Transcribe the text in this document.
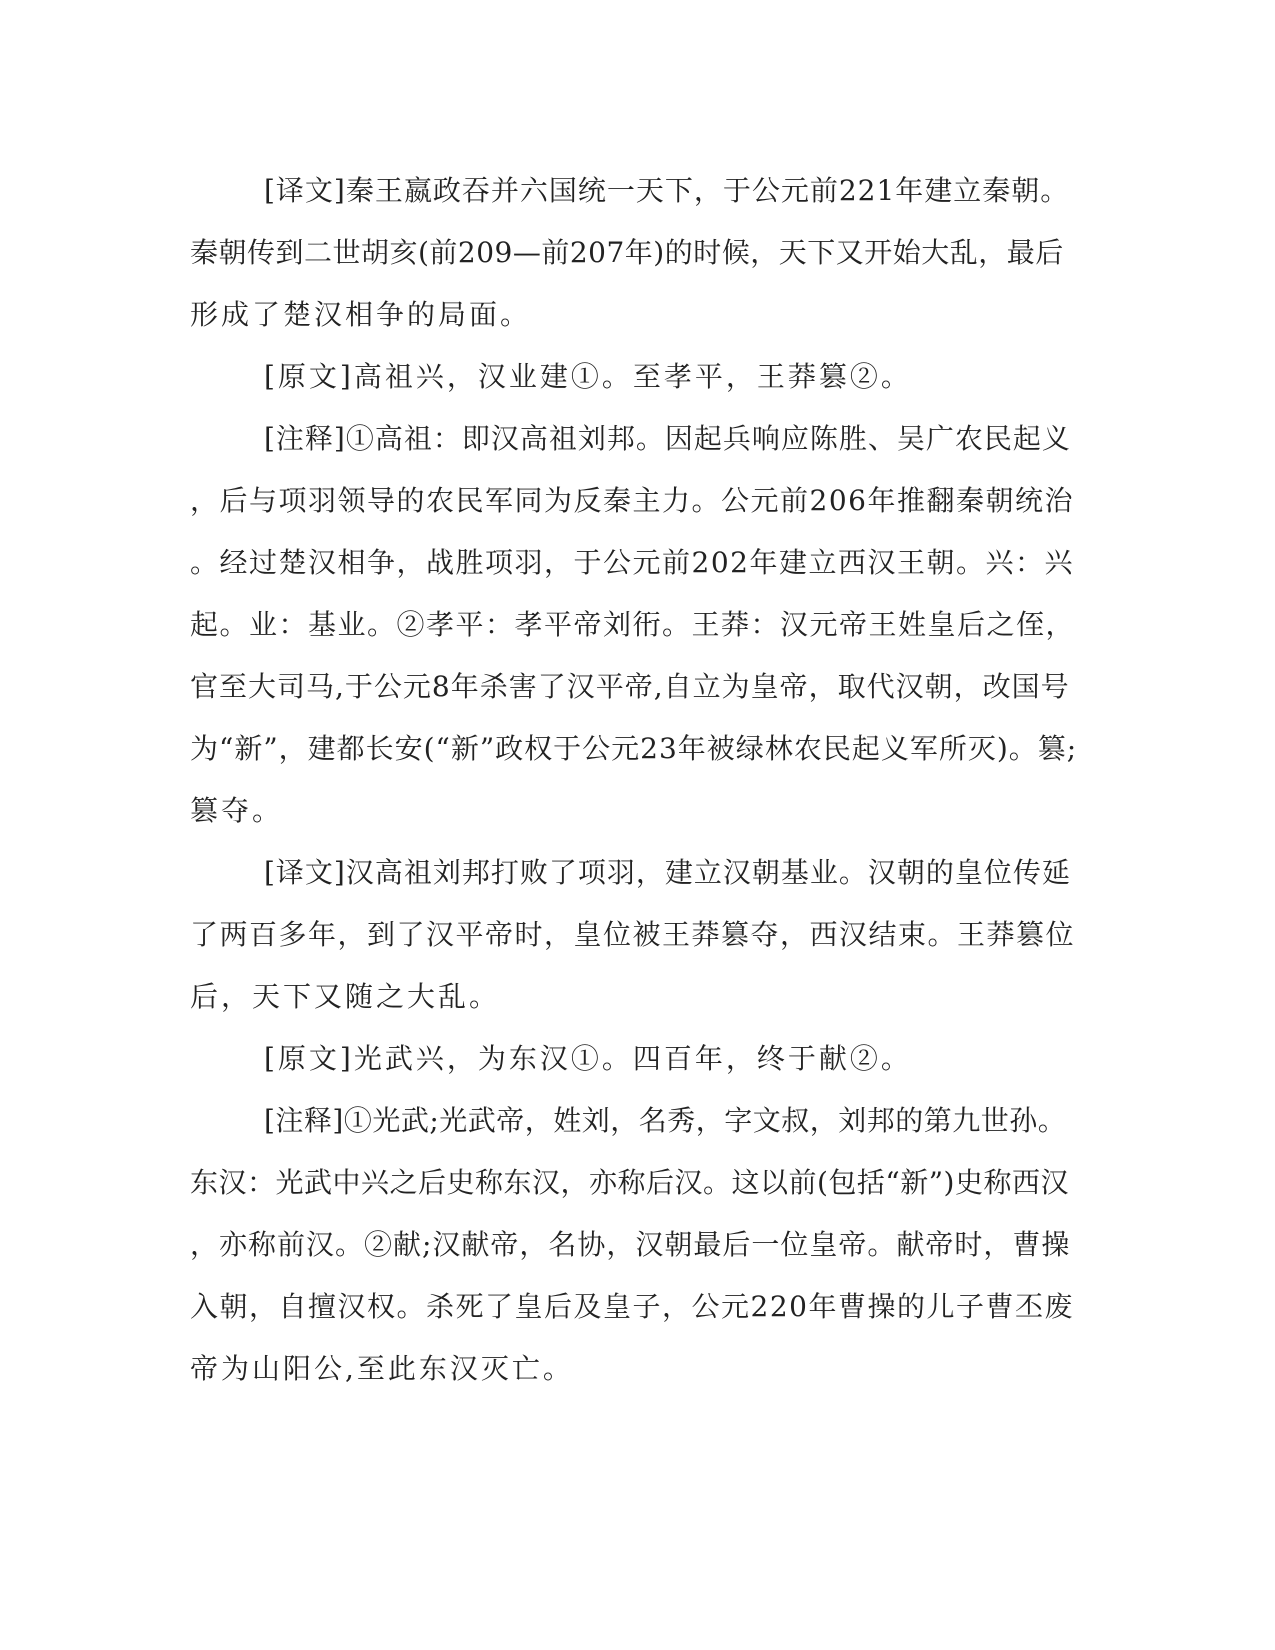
[译文]秦王嬴政吞并六国统一天下，于公元前221年建立秦朝。
秦朝传到二世胡亥(前209—前207年)的时候，天下又开始大乱，最后
形成了楚汉相争的局面。
[原文]高祖兴，汉业建①。至孝平，王莽篡②。
[注释]①高祖：即汉高祖刘邦。因起兵响应陈胜、吴广农民起义
，后与项羽领导的农民军同为反秦主力。公元前206年推翻秦朝统治
。经过楚汉相争，战胜项羽，于公元前202年建立西汉王朝。兴：兴
起。业：基业。②孝平：孝平帝刘衎。王莽：汉元帝王姓皇后之侄，
官至大司马,于公元8年杀害了汉平帝,自立为皇帝，取代汉朝，改国号
为“新”，建都长安(“新”政权于公元23年被绿林农民起义军所灭)。篡;
篡夺。
[译文]汉高祖刘邦打败了项羽，建立汉朝基业。汉朝的皇位传延
了两百多年，到了汉平帝时，皇位被王莽篡夺，西汉结束。王莽篡位
后，天下又随之大乱。
[原文]光武兴，为东汉①。四百年，终于献②。
[注释]①光武;光武帝，姓刘，名秀，字文叔，刘邦的第九世孙。
东汉：光武中兴之后史称东汉，亦称后汉。这以前(包括“新”)史称西汉
，亦称前汉。②献;汉献帝，名协，汉朝最后一位皇帝。献帝时，曹操
入朝，自擅汉权。杀死了皇后及皇子，公元220年曹操的儿子曹丕废
帝为山阳公,至此东汉灭亡。
